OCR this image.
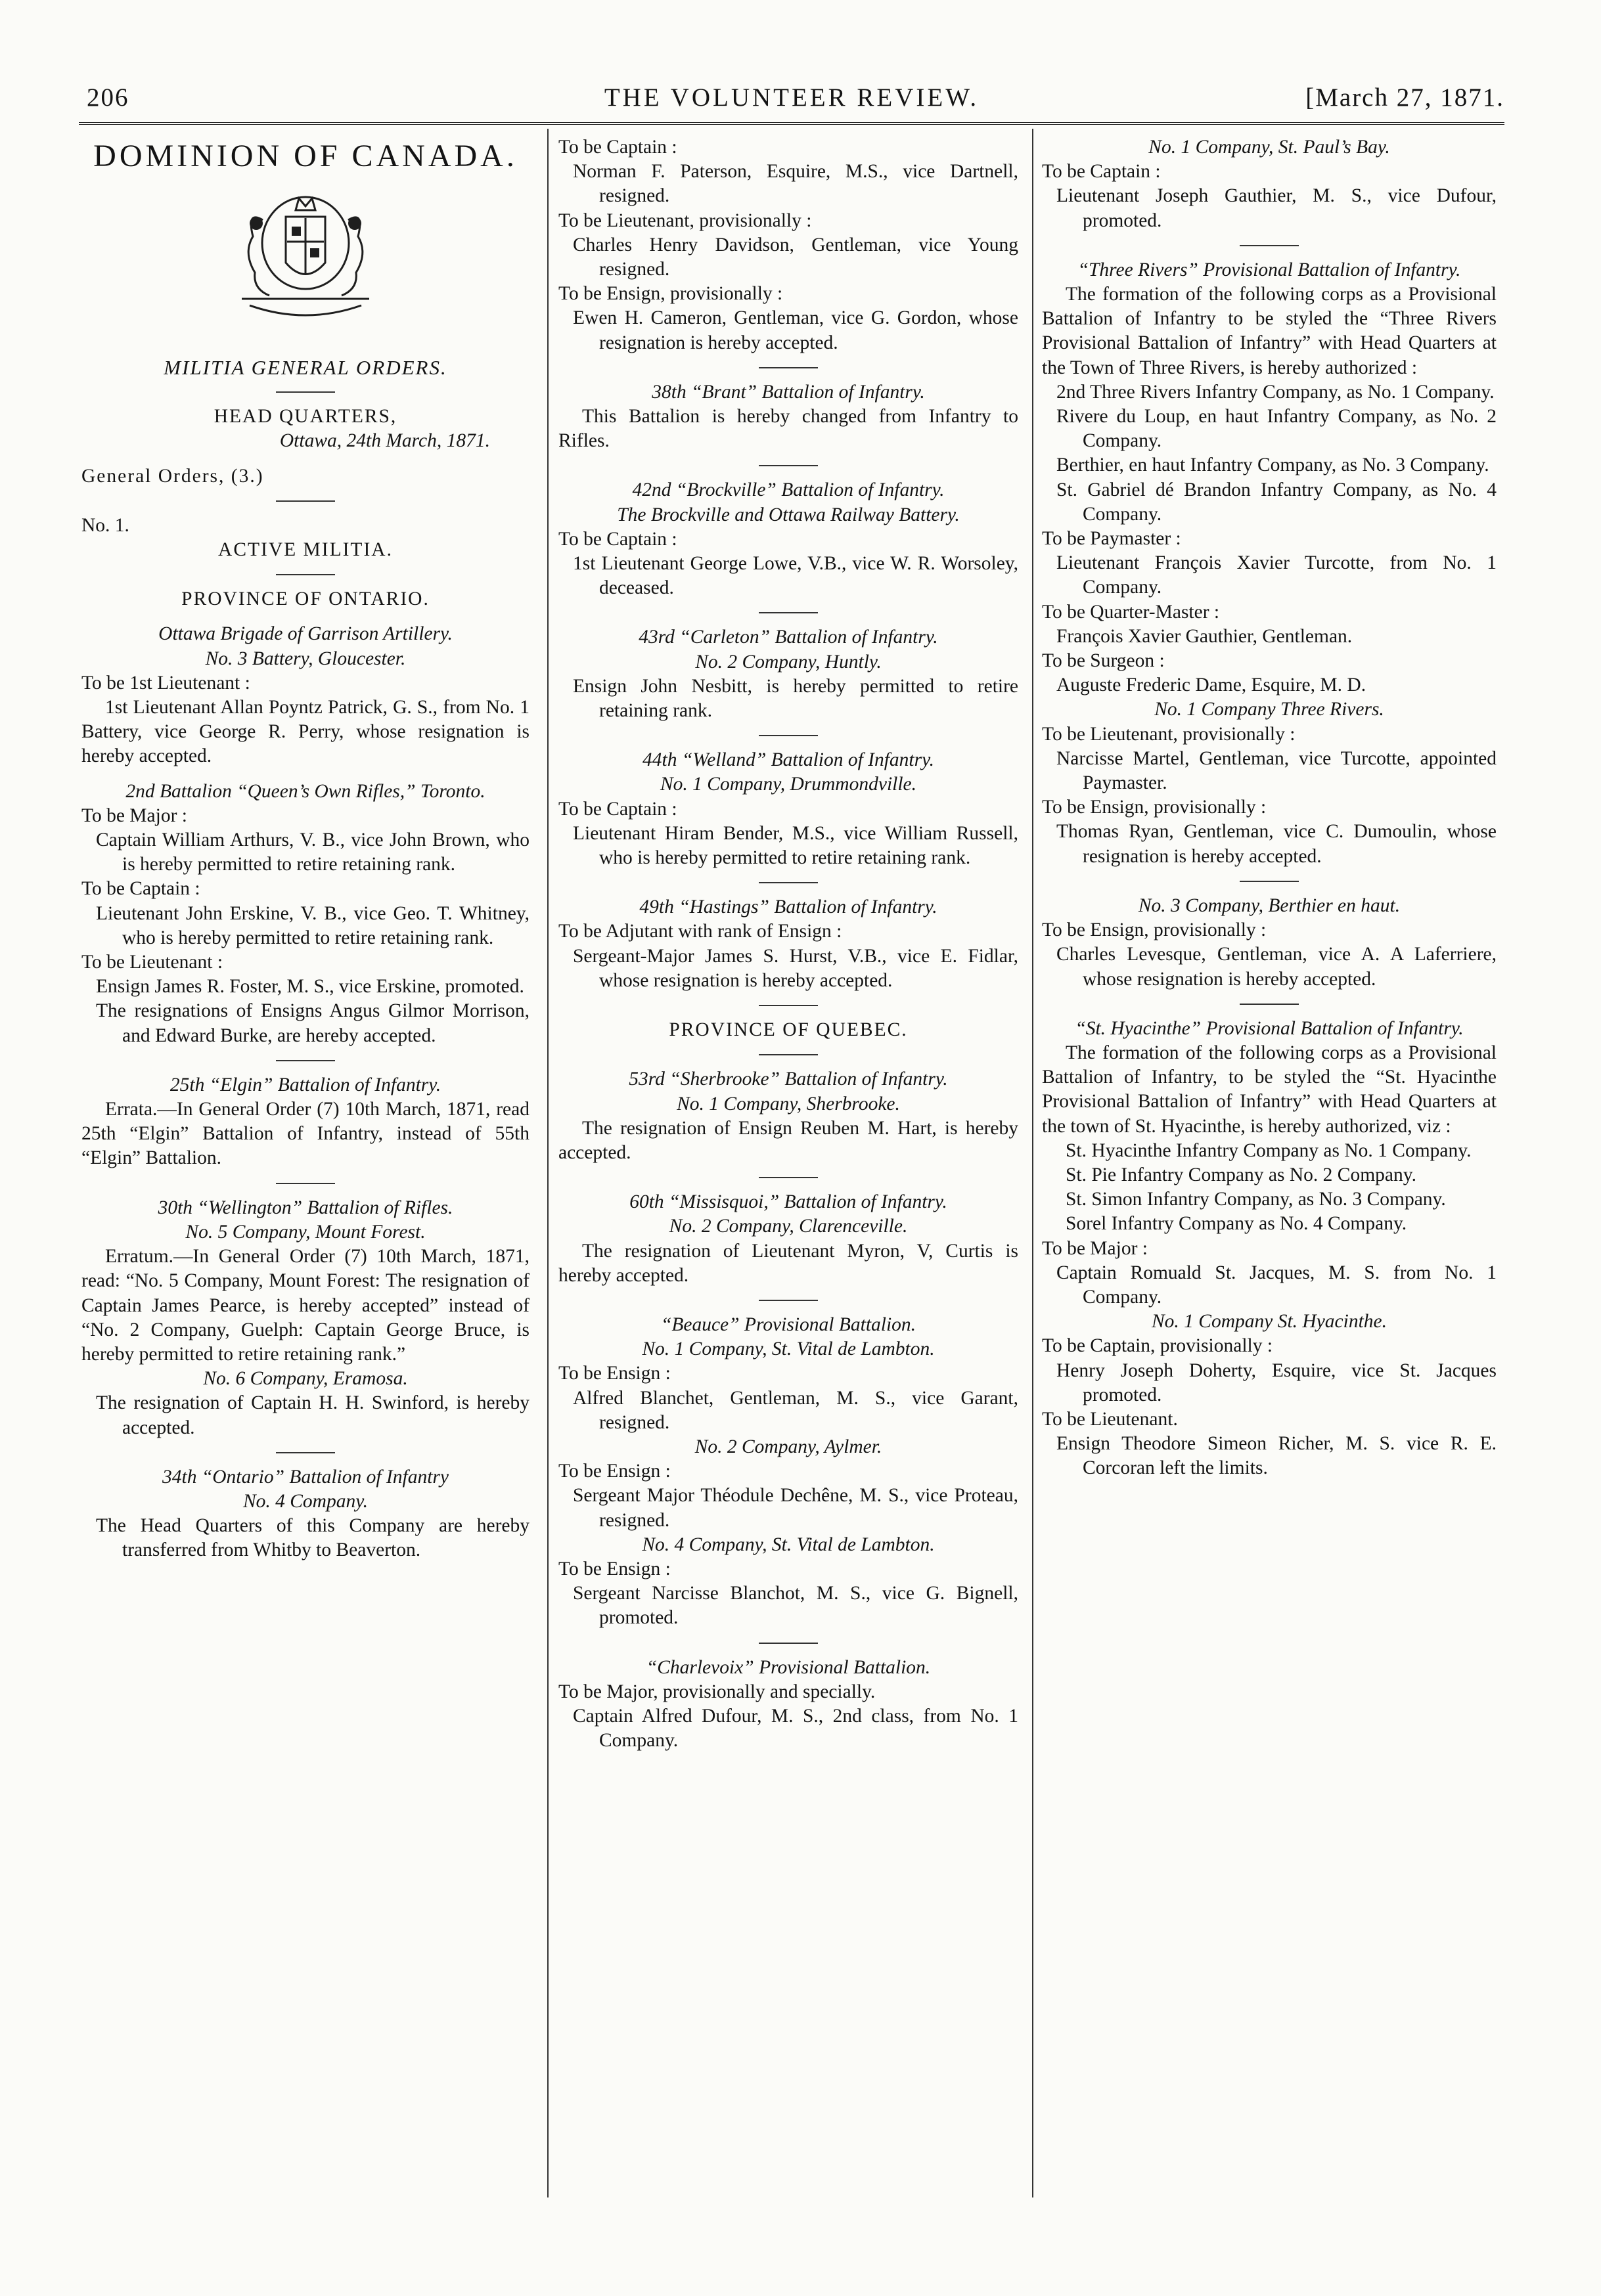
206	THE VOLUNTEER REVIEW.	[March 27, 1871.
DOMINION OF CANADA.
MILITIA GENERAL ORDERS.
HEAD QUARTERS,
Ottawa, 24th March, 1871.
General Orders, (3.)
No. 1.
ACTIVE MILITIA.
PROVINCE OF ONTARIO.
Ottawa Brigade of Garrison Artillery.
No. 3 Battery, Gloucester.
To be 1st Lieutenant :
1st Lieutenant Allan Poyntz Patrick, G. S., from No. 1 Battery, vice George R. Perry, whose resignation is hereby accepted.
2nd Battalion “Queen’s Own Rifles,” Toronto.
To be Major :
Captain William Arthurs, V. B., vice John Brown, who is hereby permitted to retire retaining rank.
To be Captain :
Lieutenant John Erskine, V. B., vice Geo. T. Whitney, who is hereby permitted to retire retaining rank.
To be Lieutenant :
Ensign James R. Foster, M. S., vice Erskine, promoted.
The resignations of Ensigns Angus Gilmor Morrison, and Edward Burke, are hereby accepted.
25th “Elgin” Battalion of Infantry.
Errata.—In General Order (7) 10th March, 1871, read 25th “Elgin” Battalion of Infantry, instead of 55th “Elgin” Battalion.
30th “Wellington” Battalion of Rifles.
No. 5 Company, Mount Forest.
Erratum.—In General Order (7) 10th March, 1871, read: “No. 5 Company, Mount Forest: The resignation of Captain James Pearce, is hereby accepted” instead of “No. 2 Company, Guelph: Captain George Bruce, is hereby permitted to retire retaining rank.”
No. 6 Company, Eramosa.
The resignation of Captain H. H. Swinford, is hereby accepted.
34th “Ontario” Battalion of Infantry
No. 4 Company.
The Head Quarters of this Company are hereby transferred from Whitby to Beaverton.
To be Captain :
Norman F. Paterson, Esquire, M.S., vice Dartnell, resigned.
To be Lieutenant, provisionally :
Charles Henry Davidson, Gentleman, vice Young resigned.
To be Ensign, provisionally :
Ewen H. Cameron, Gentleman, vice G. Gordon, whose resignation is hereby accepted.
38th “Brant” Battalion of Infantry.
This Battalion is hereby changed from Infantry to Rifles.
42nd “Brockville” Battalion of Infantry.
The Brockville and Ottawa Railway Battery.
To be Captain :
1st Lieutenant George Lowe, V.B., vice W. R. Worsoley, deceased.
43rd “Carleton” Battalion of Infantry.
No. 2 Company, Huntly.
Ensign John Nesbitt, is hereby permitted to retire retaining rank.
44th “Welland” Battalion of Infantry.
No. 1 Company, Drummondville.
To be Captain :
Lieutenant Hiram Bender, M.S., vice William Russell, who is hereby permitted to retire retaining rank.
49th “Hastings” Battalion of Infantry.
To be Adjutant with rank of Ensign :
Sergeant-Major James S. Hurst, V.B., vice E. Fidlar, whose resignation is hereby accepted.
PROVINCE OF QUEBEC.
53rd “Sherbrooke” Battalion of Infantry.
No. 1 Company, Sherbrooke.
The resignation of Ensign Reuben M. Hart, is hereby accepted.
60th “Missisquoi,” Battalion of Infantry.
No. 2 Company, Clarenceville.
The resignation of Lieutenant Myron, V, Curtis is hereby accepted.
“Beauce” Provisional Battalion.
No. 1 Company, St. Vital de Lambton.
To be Ensign :
Alfred Blanchet, Gentleman, M. S., vice Garant, resigned.
No. 2 Company, Aylmer.
To be Ensign :
Sergeant Major Théodule Dechêne, M. S., vice Proteau, resigned.
No. 4 Company, St. Vital de Lambton.
To be Ensign :
Sergeant Narcisse Blanchot, M. S., vice G. Bignell, promoted.
“Charlevoix” Provisional Battalion.
To be Major, provisionally and specially.
Captain Alfred Dufour, M. S., 2nd class, from No. 1 Company.
No. 1 Company, St. Paul’s Bay.
To be Captain :
Lieutenant Joseph Gauthier, M. S., vice Dufour, promoted.
“Three Rivers” Provisional Battalion of Infantry.
The formation of the following corps as a Provisional Battalion of Infantry to be styled the “Three Rivers Provisional Battalion of Infantry” with Head Quarters at the Town of Three Rivers, is hereby authorized :
2nd Three Rivers Infantry Company, as No. 1 Company.
Rivere du Loup, en haut Infantry Company, as No. 2 Company.
Berthier, en haut Infantry Company, as No. 3 Company.
St. Gabriel dé Brandon Infantry Company, as No. 4 Company.
To be Paymaster :
Lieutenant François Xavier Turcotte, from No. 1 Company.
To be Quarter-Master :
François Xavier Gauthier, Gentleman.
To be Surgeon :
Auguste Frederic Dame, Esquire, M. D.
No. 1 Company Three Rivers.
To be Lieutenant, provisionally :
Narcisse Martel, Gentleman, vice Turcotte, appointed Paymaster.
To be Ensign, provisionally :
Thomas Ryan, Gentleman, vice C. Dumoulin, whose resignation is hereby accepted.
No. 3 Company, Berthier en haut.
To be Ensign, provisionally :
Charles Levesque, Gentleman, vice A. A Laferriere, whose resignation is hereby accepted.
“St. Hyacinthe” Provisional Battalion of Infantry.
The formation of the following corps as a Provisional Battalion of Infantry, to be styled the “St. Hyacinthe Provisional Battalion of Infantry” with Head Quarters at the town of St. Hyacinthe, is hereby authorized, viz :
St. Hyacinthe Infantry Company as No. 1 Company.
St. Pie Infantry Company as No. 2 Company.
St. Simon Infantry Company, as No. 3 Company.
Sorel Infantry Company as No. 4 Company.
To be Major :
Captain Romuald St. Jacques, M. S. from No. 1 Company.
No. 1 Company St. Hyacinthe.
To be Captain, provisionally :
Henry Joseph Doherty, Esquire, vice St. Jacques promoted.
To be Lieutenant.
Ensign Theodore Simeon Richer, M. S. vice R. E. Corcoran left the limits.
